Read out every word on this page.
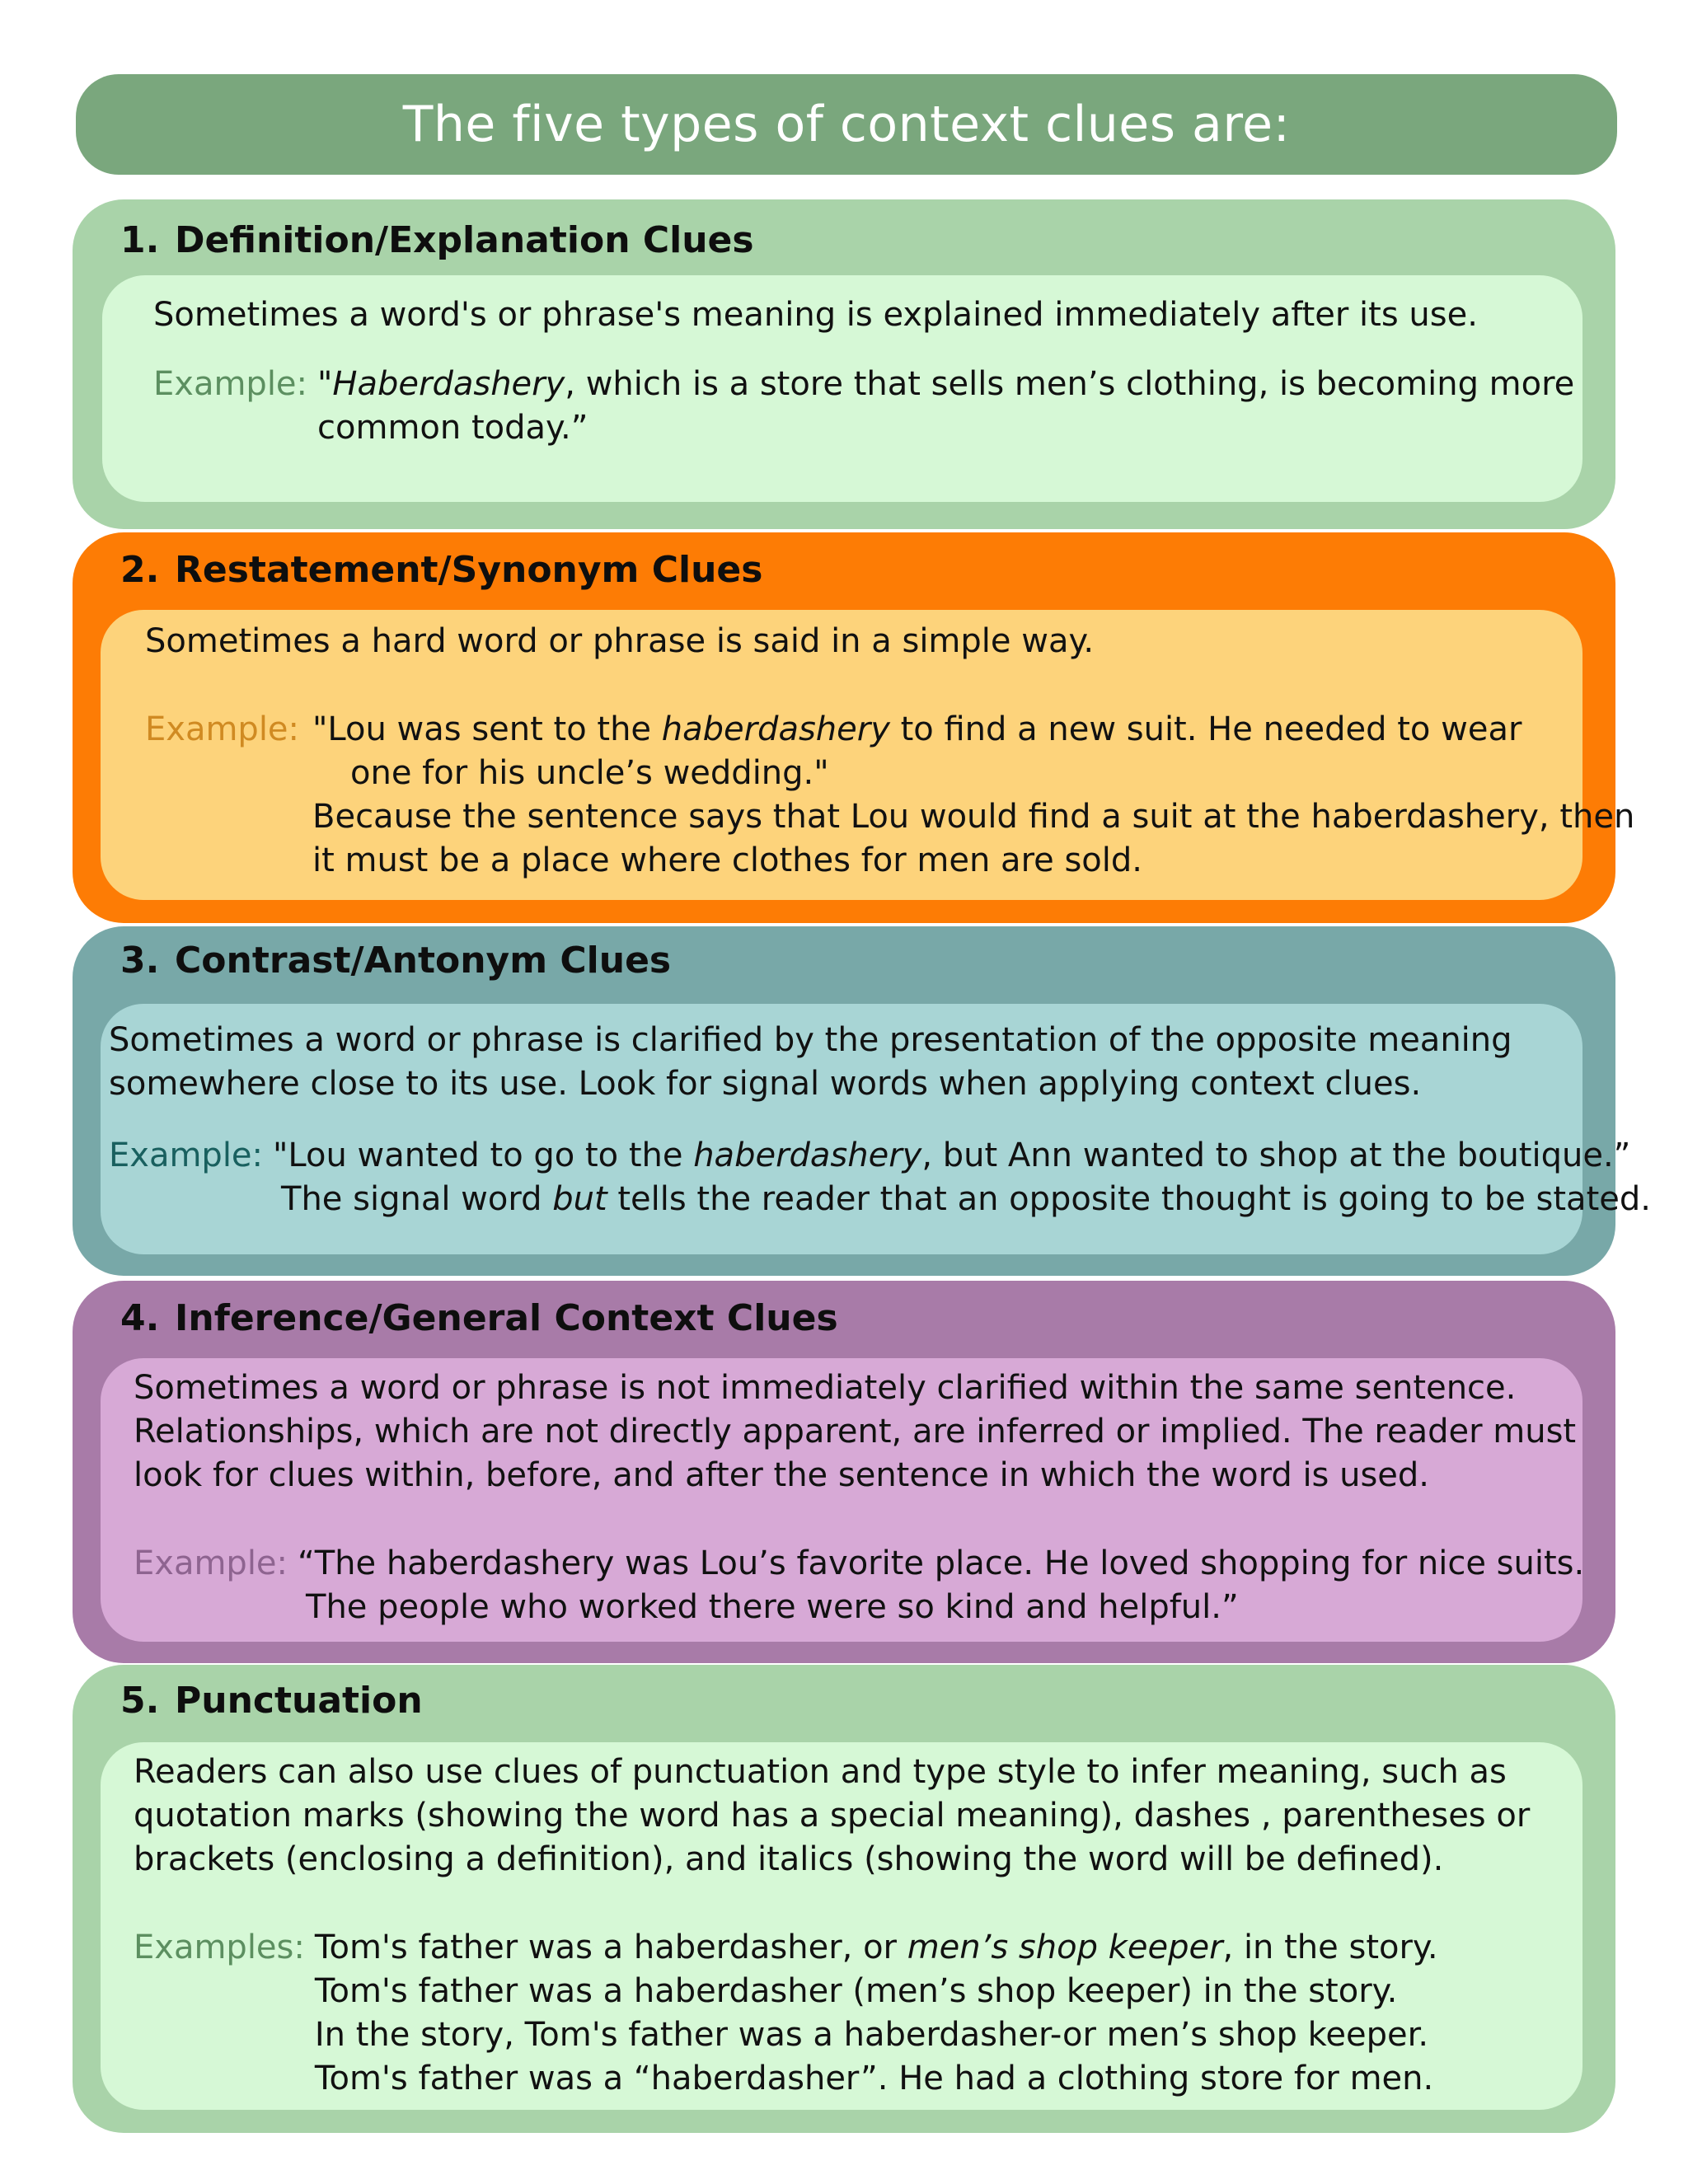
The five types of context clues are:
1. Definition/Explanation Clues
Sometimes a word's or phrase's meaning is explained immediately after its use.
Example: "Haberdashery, which is a store that sells men’s clothing, is becoming more
common today.”
2. Restatement/Synonym Clues
Sometimes a hard word or phrase is said in a simple way.
Example: "Lou was sent to the haberdashery to find a new suit. He needed to wear
one for his uncle’s wedding."
Because the sentence says that Lou would find a suit at the haberdashery, then
it must be a place where clothes for men are sold.
3. Contrast/Antonym Clues
Sometimes a word or phrase is clarified by the presentation of the opposite meaning
somewhere close to its use. Look for signal words when applying context clues.
Example: "Lou wanted to go to the haberdashery, but Ann wanted to shop at the boutique.”
The signal word but tells the reader that an opposite thought is going to be stated.
4. Inference/General Context Clues
Sometimes a word or phrase is not immediately clarified within the same sentence.
Relationships, which are not directly apparent, are inferred or implied. The reader must
look for clues within, before, and after the sentence in which the word is used.
Example: “The haberdashery was Lou’s favorite place. He loved shopping for nice suits.
The people who worked there were so kind and helpful.”
5. Punctuation
Readers can also use clues of punctuation and type style to infer meaning, such as
quotation marks (showing the word has a special meaning), dashes , parentheses or
brackets (enclosing a definition), and italics (showing the word will be defined).
Examples: Tom's father was a haberdasher, or men’s shop keeper, in the story.
Tom's father was a haberdasher (men’s shop keeper) in the story.
In the story, Tom's father was a haberdasher-or men’s shop keeper.
Tom's father was a “haberdasher”. He had a clothing store for men.
